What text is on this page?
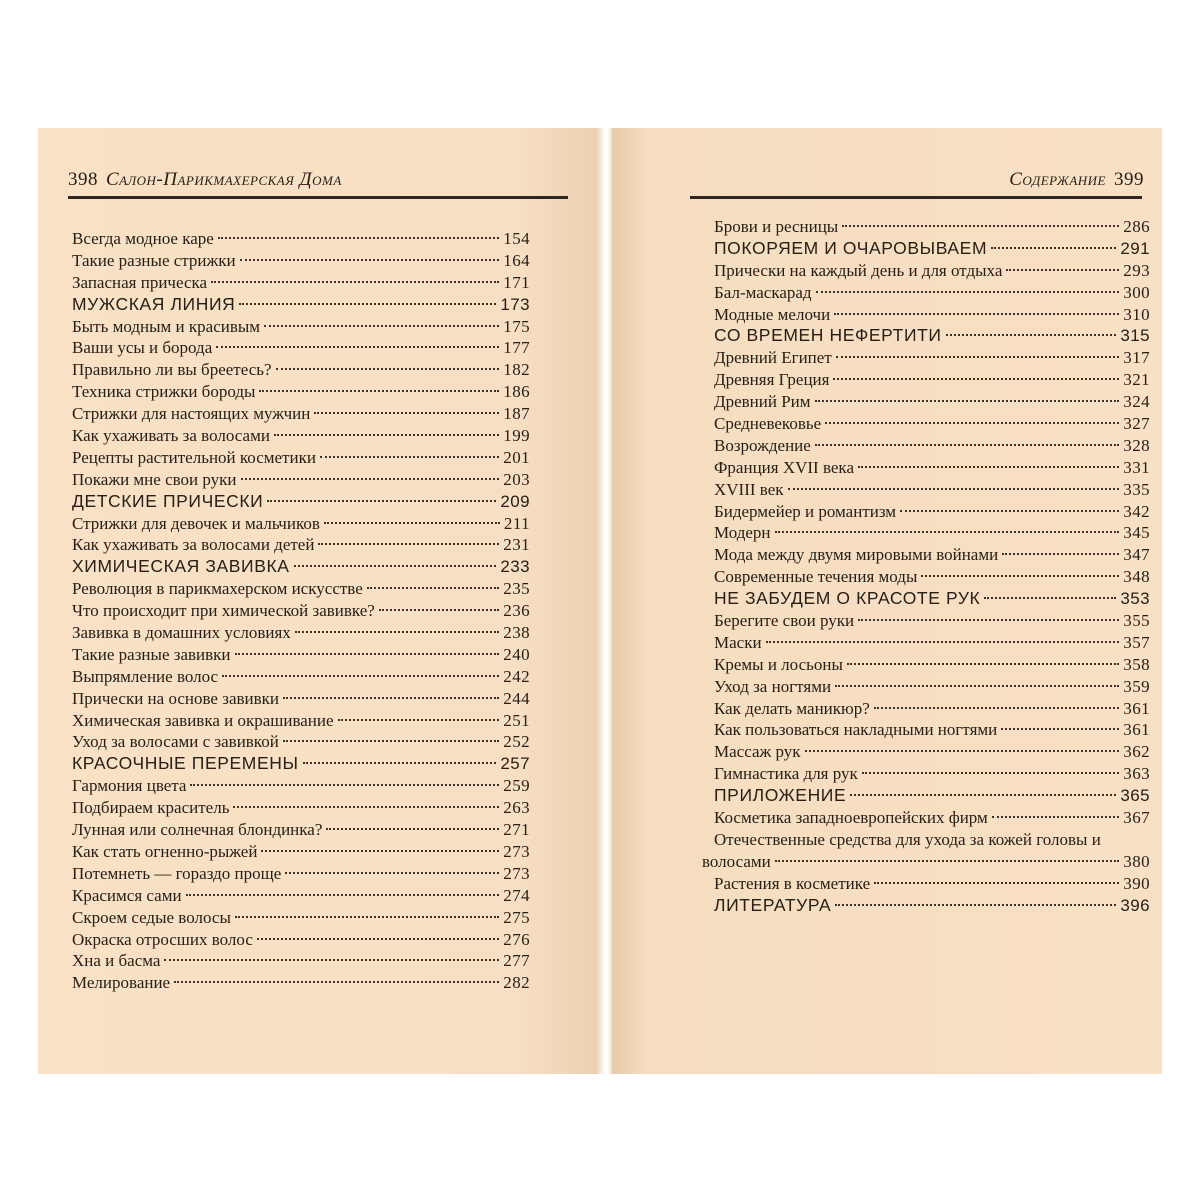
398 Салон-Парикмахерская Дома
Всегда модное каре	154
Такие разные стрижки	164
Запасная прическа	171
МУЖСКАЯ ЛИНИЯ	173
Быть модным и красивым	175
Ваши усы и борода	177
Правильно ли вы бреетесь?	182
Техника стрижки бороды	186
Стрижки для настоящих мужчин	187
Как ухаживать за волосами	199
Рецепты растительной косметики	201
Покажи мне свои руки	203
ДЕТСКИЕ ПРИЧЕСКИ	209
Стрижки для девочек и мальчиков	211
Как ухаживать за волосами детей	231
ХИМИЧЕСКАЯ ЗАВИВКА	233
Революция в парикмахерском искусстве	235
Что происходит при химической завивке?	236
Завивка в домашних условиях	238
Такие разные завивки	240
Выпрямление волос	242
Прически на основе завивки	244
Химическая завивка и окрашивание	251
Уход за волосами с завивкой	252
КРАСОЧНЫЕ ПЕРЕМЕНЫ	257
Гармония цвета	259
Подбираем краситель	263
Лунная или солнечная блондинка?	271
Как стать огненно-рыжей	273
Потемнеть — гораздо проще	273
Красимся сами	274
Скроем седые волосы	275
Окраска отросших волос	276
Хна и басма	277
Мелирование	282
Содержание 399
Брови и ресницы	286
ПОКОРЯЕМ И ОЧАРОВЫВАЕМ	291
Прически на каждый день и для отдыха	293
Бал-маскарад	300
Модные мелочи	310
СО ВРЕМЕН НЕФЕРТИТИ	315
Древний Египет	317
Древняя Греция	321
Древний Рим	324
Средневековье	327
Возрождение	328
Франция XVII века	331
XVIII век	335
Бидермейер и романтизм	342
Модерн	345
Мода между двумя мировыми войнами	347
Современные течения моды	348
НЕ ЗАБУДЕМ О КРАСОТЕ РУК	353
Берегите свои руки	355
Маски	357
Кремы и лосьоны	358
Уход за ногтями	359
Как делать маникюр?	361
Как пользоваться накладными ногтями	361
Массаж рук	362
Гимнастика для рук	363
ПРИЛОЖЕНИЕ	365
Косметика западноевропейских фирм	367
Отечественные средства для ухода за кожей головы и
волосами	380
Растения в косметике	390
ЛИТЕРАТУРА	396
